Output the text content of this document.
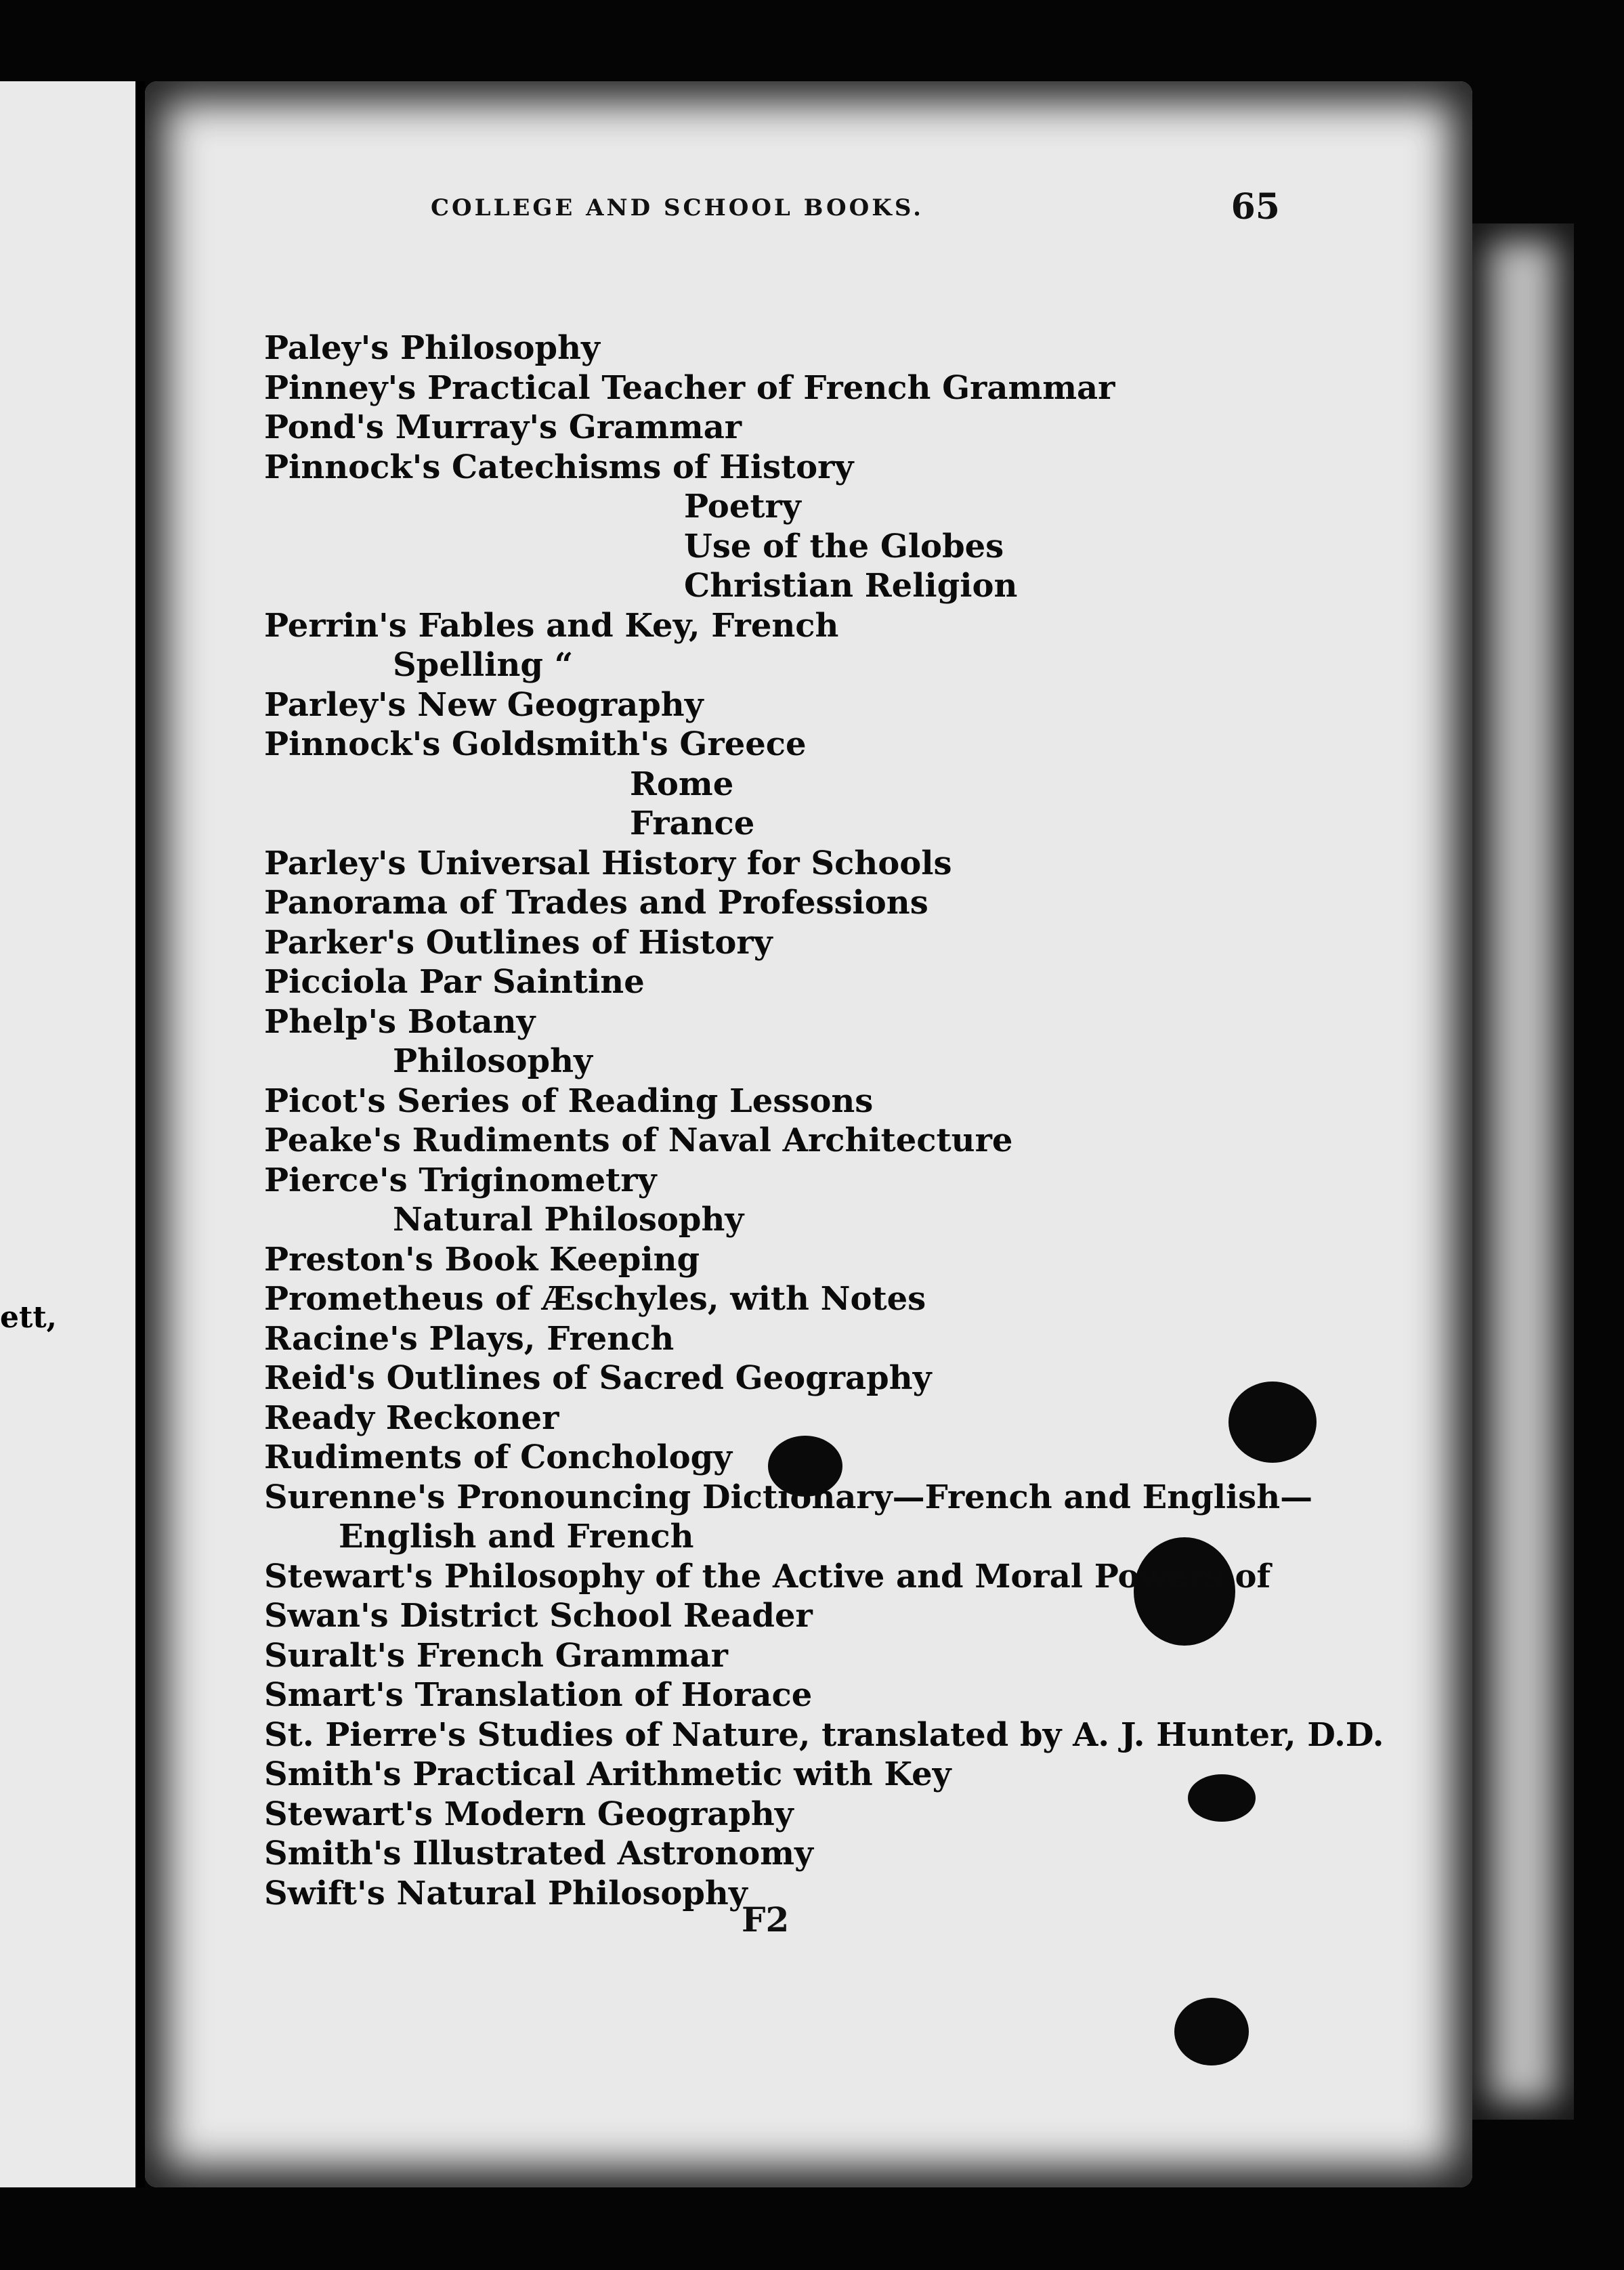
ett,
COLLEGE AND SCHOOL BOOKS.	65
Paley's Philosophy
Pinney's Practical Teacher of French Grammar
Pond's Murray's Grammar
Pinnock's Catechisms of History
Poetry
Use of the Globes
Christian Religion
Perrin's Fables and Key, French
Spelling “
Parley's New Geography
Pinnock's Goldsmith's Greece
Rome
France
Parley's Universal History for Schools
Panorama of Trades and Professions
Parker's Outlines of History
Picciola Par Saintine
Phelp's Botany
Philosophy
Picot's Series of Reading Lessons
Peake's Rudiments of Naval Architecture
Pierce's Triginometry
Natural Philosophy
Preston's Book Keeping
Prometheus of Æschyles, with Notes
Racine's Plays, French
Reid's Outlines of Sacred Geography
Ready Reckoner
Rudiments of Conchology
Surenne's Pronouncing Dictionary—French and English—
English and French
Stewart's Philosophy of the Active and Moral Powers of
Swan's District School Reader
Suralt's French Grammar
Smart's Translation of Horace
St. Pierre's Studies of Nature, translated by A. J. Hunter, D.D.
Smith's Practical Arithmetic with Key
Stewart's Modern Geography
Smith's Illustrated Astronomy
Swift's Natural Philosophy
F2
